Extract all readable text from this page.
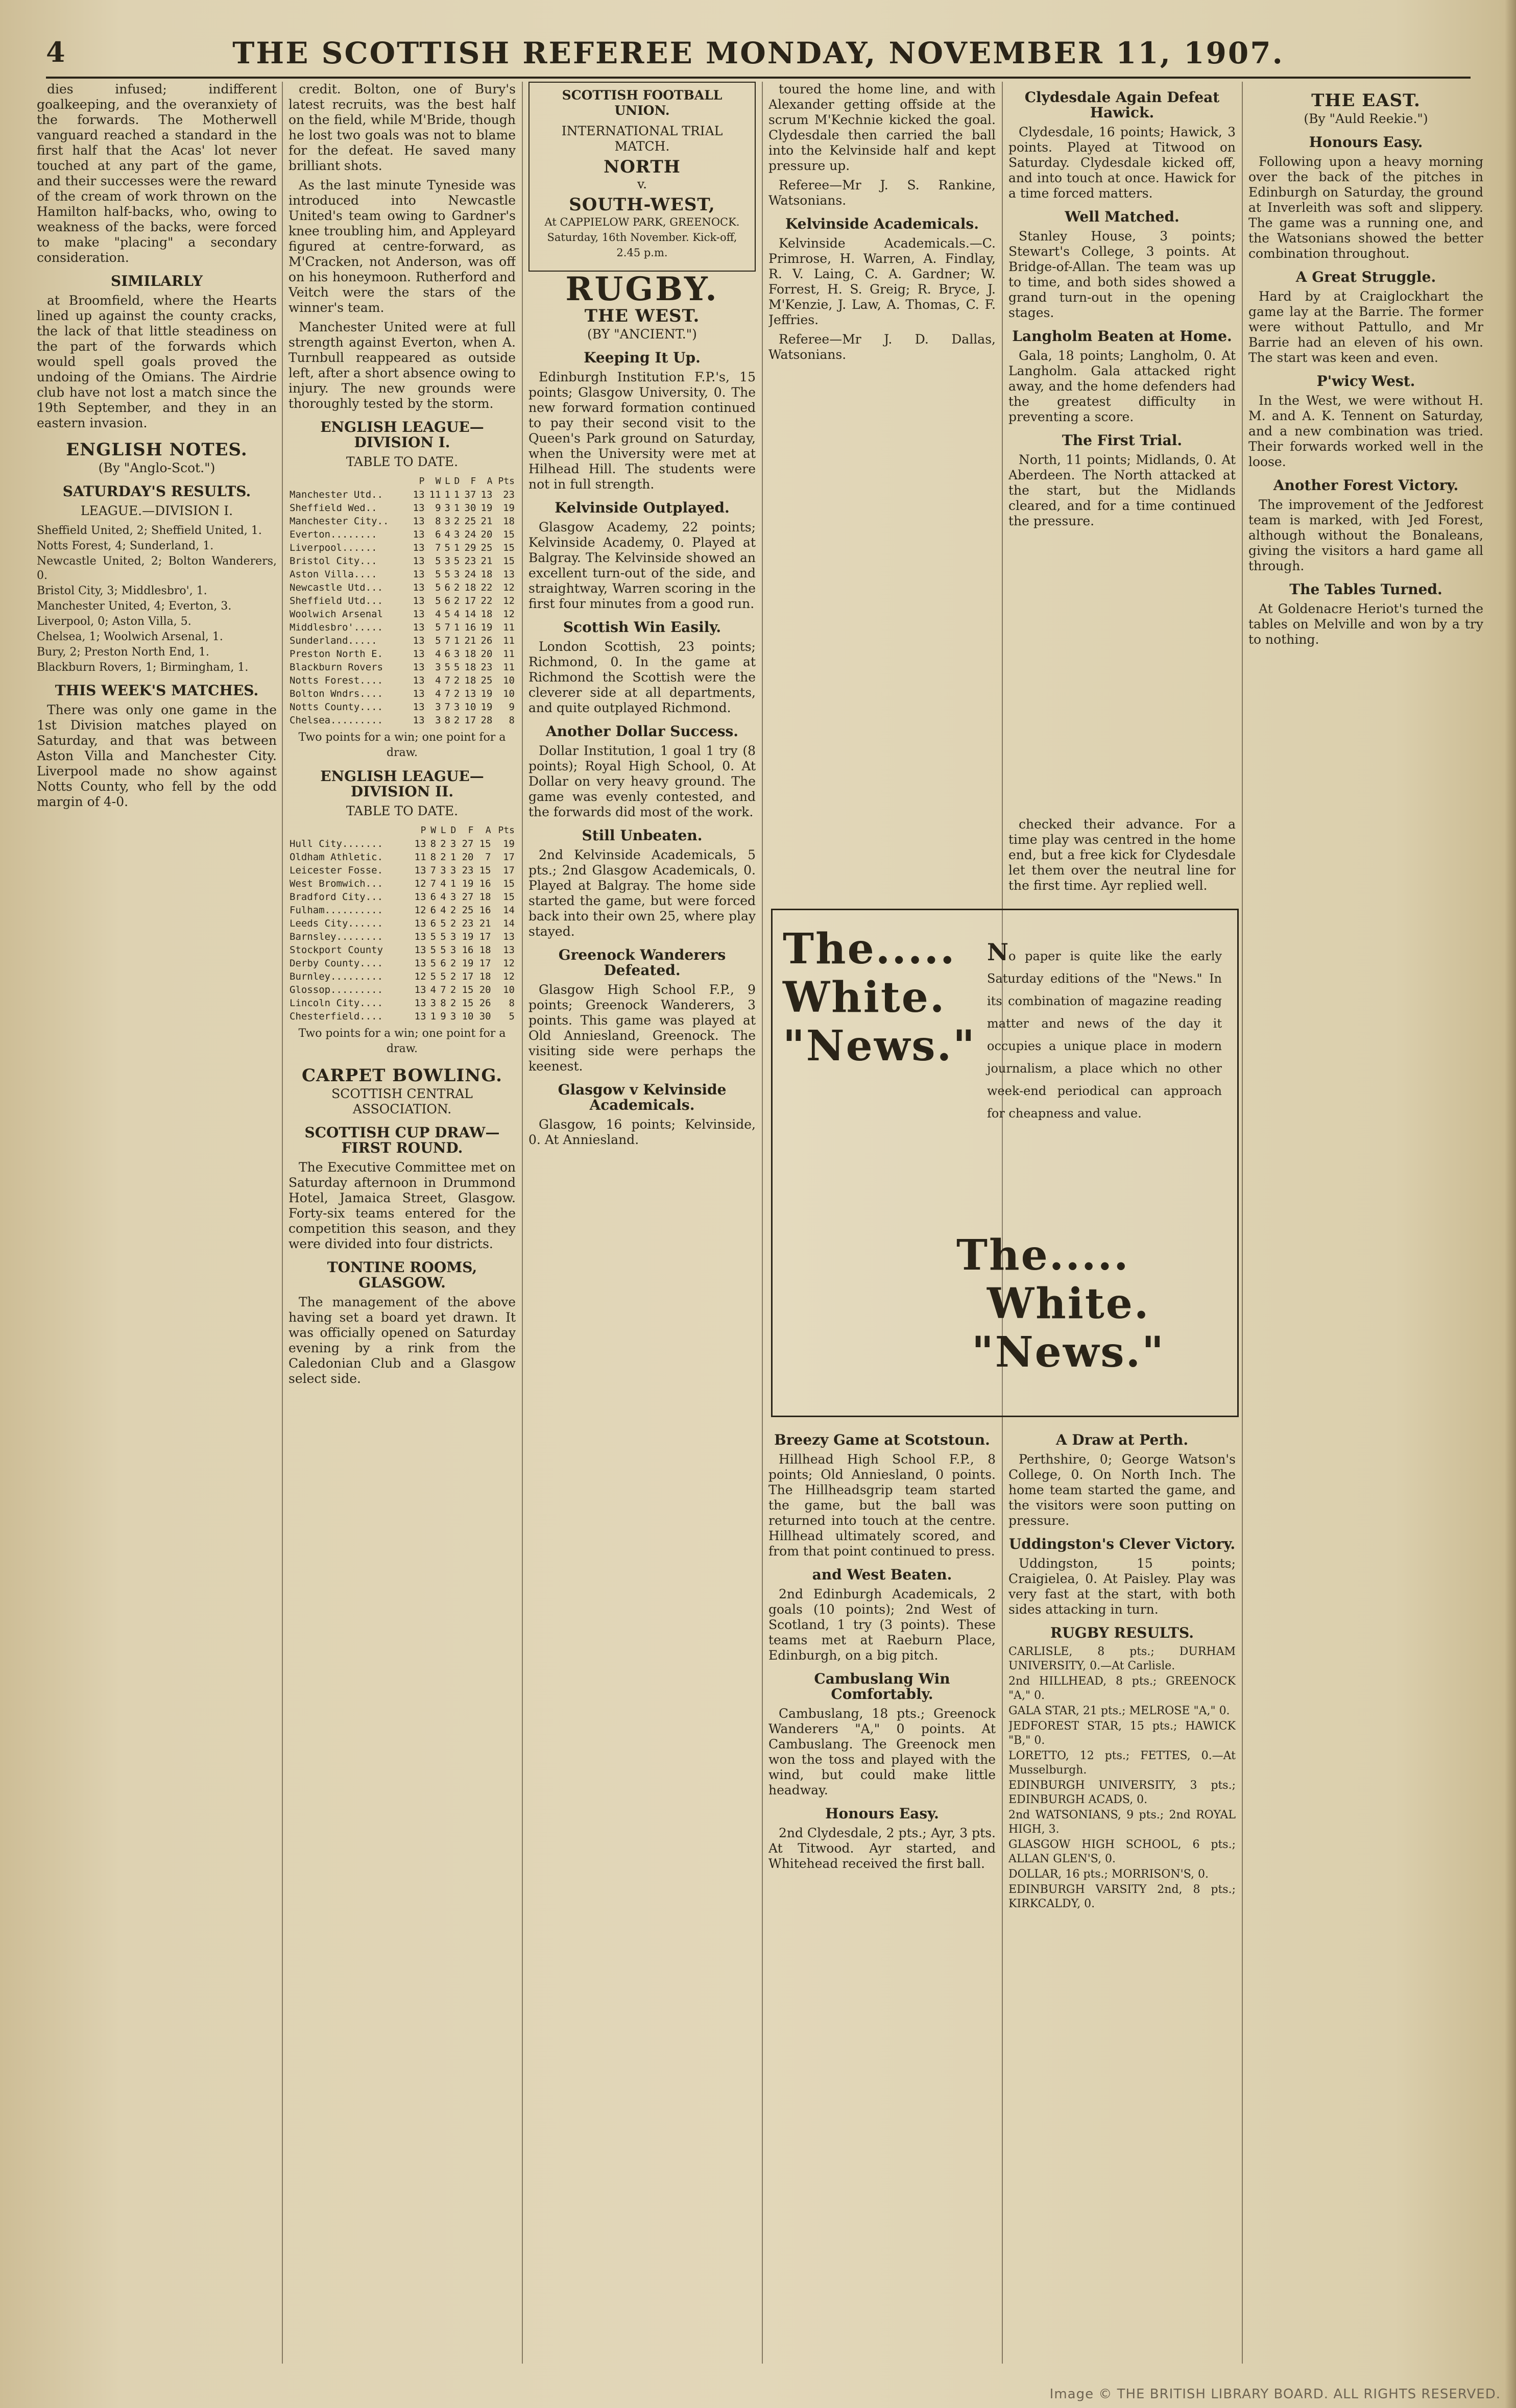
4	THE SCOTTISH REFEREE MONDAY, NOVEMBER 11, 1907.

dies infused; indifferent goalkeeping, and the overanxiety of the forwards. The Motherwell vanguard reached a standard in the first half that the Acas' lot never touched at any part of the game, and their successes were the reward of the cream of work thrown on the Hamilton half-backs, who, owing to weakness of the backs, were forced to make "placing" a secondary consideration.

SIMILARLY

at Broomfield, where the Hearts lined up against the county cracks, the lack of that little steadiness on the part of the forwards which would spell goals proved the undoing of the Omians. The Airdrie club have not lost a match since the 19th September, and they in an eastern invasion.

ENGLISH NOTES.
(By "Anglo-Scot.")
SATURDAY'S RESULTS.
LEAGUE.—DIVISION I.
Sheffield United, 2; Sheffield United, 1.
Notts Forest, 4; Sunderland, 1.
Newcastle United, 2; Bolton Wanderers, 0.
Bristol City, 3; Middlesbro', 1.
Manchester United, 4; Everton, 3.
Liverpool, 0; Aston Villa, 5.
Chelsea, 1; Woolwich Arsenal, 1.
Bury, 2; Preston North End, 1.
Blackburn Rovers, 1; Birmingham, 1.
THIS WEEK'S MATCHES.

There was only one game in the 1st Division matches played on Saturday, and that was between Aston Villa and Manchester City. Liverpool made no show against Notts County, who fell by the odd margin of 4-0.

credit. Bolton, one of Bury's latest recruits, was the best half on the field, while M'Bride, though he lost two goals was not to blame for the defeat. He saved many brilliant shots.

As the last minute Tyneside was introduced into Newcastle United's team owing to Gardner's knee troubling him, and Appleyard figured at centre-forward, as M'Cracken, not Anderson, was off on his honeymoon. Rutherford and Veitch were the stars of the winner's team.

Manchester United were at full strength against Everton, when A. Turnbull reappeared as outside left, after a short absence owing to injury. The new grounds were thoroughly tested by the storm.

ENGLISH LEAGUE—DIVISION I.
TABLE TO DATE.
	P	W	L	D	F	A	Pts
Manchester Utd..	13	11	1	1	37	13	23
Sheffield Wed..	13	9	3	1	30	19	19
Manchester City..	13	8	3	2	25	21	18
Everton........	13	6	4	3	24	20	15
Liverpool......	13	7	5	1	29	25	15
Bristol City...	13	5	3	5	23	21	15
Aston Villa....	13	5	5	3	24	18	13
Newcastle Utd...	13	5	6	2	18	22	12
Sheffield Utd...	13	5	6	2	17	22	12
Woolwich Arsenal	13	4	5	4	14	18	12
Middlesbro'.....	13	5	7	1	16	19	11
Sunderland.....	13	5	7	1	21	26	11
Preston North E.	13	4	6	3	18	20	11
Blackburn Rovers	13	3	5	5	18	23	11
Notts Forest....	13	4	7	2	18	25	10
Bolton Wndrs....	13	4	7	2	13	19	10
Notts County....	13	3	7	3	10	19	9
Chelsea.........	13	3	8	2	17	28	8
Two points for a win; one point for a draw.
ENGLISH LEAGUE—DIVISION II.
TABLE TO DATE.
	P	W	L	D	F	A	Pts
Hull City.......	13	8	2	3	27	15	19
Oldham Athletic.	11	8	2	1	20	7	17
Leicester Fosse.	13	7	3	3	23	15	17
West Bromwich...	12	7	4	1	19	16	15
Bradford City...	13	6	4	3	27	18	15
Fulham..........	12	6	4	2	25	16	14
Leeds City......	13	6	5	2	23	21	14
Barnsley........	13	5	5	3	19	17	13
Stockport County	13	5	5	3	16	18	13
Derby County....	13	5	6	2	19	17	12
Burnley.........	12	5	5	2	17	18	12
Glossop.........	13	4	7	2	15	20	10
Lincoln City....	13	3	8	2	15	26	8
Chesterfield....	13	1	9	3	10	30	5
Two points for a win; one point for a draw.
CARPET BOWLING.
SCOTTISH CENTRAL ASSOCIATION.
SCOTTISH CUP DRAW—FIRST ROUND.

The Executive Committee met on Saturday afternoon in Drummond Hotel, Jamaica Street, Glasgow. Forty-six teams entered for the competition this season, and they were divided into four districts.

TONTINE ROOMS, GLASGOW.

The management of the above having set a board yet drawn. It was officially opened on Saturday evening by a rink from the Caledonian Club and a Glasgow select side.

SCOTTISH FOOTBALL UNION.
INTERNATIONAL TRIAL MATCH.
NORTH
v.
SOUTH-WEST,
At CAPPIELOW PARK, GREENOCK. Saturday, 16th November. Kick-off, 2.45 p.m.
RUGBY.
THE WEST.
(BY "ANCIENT.")
Keeping It Up.

Edinburgh Institution F.P.'s, 15 points; Glasgow University, 0. The new forward formation continued to pay their second visit to the Queen's Park ground on Saturday, when the University were met at Hilhead Hill. The students were not in full strength.

Kelvinside Outplayed.

Glasgow Academy, 22 points; Kelvinside Academy, 0. Played at Balgray. The Kelvinside showed an excellent turn-out of the side, and straightway, Warren scoring in the first four minutes from a good run.

Scottish Win Easily.

London Scottish, 23 points; Richmond, 0. In the game at Richmond the Scottish were the cleverer side at all departments, and quite outplayed Richmond.

Another Dollar Success.

Dollar Institution, 1 goal 1 try (8 points); Royal High School, 0. At Dollar on very heavy ground. The game was evenly contested, and the forwards did most of the work.

Still Unbeaten.

2nd Kelvinside Academicals, 5 pts.; 2nd Glasgow Academicals, 0. Played at Balgray. The home side started the game, but were forced back into their own 25, where play stayed.

Greenock Wanderers Defeated.

Glasgow High School F.P., 9 points; Greenock Wanderers, 3 points. This game was played at Old Anniesland, Greenock. The visiting side were perhaps the keenest.

Glasgow v Kelvinside Academicals.

Glasgow, 16 points; Kelvinside, 0. At Anniesland.

toured the home line, and with Alexander getting offside at the scrum M'Kechnie kicked the goal. Clydesdale then carried the ball into the Kelvinside half and kept pressure up.

Referee—Mr J. S. Rankine, Watsonians.

Kelvinside Academicals.

Kelvinside Academicals.—C. Primrose, H. Warren, A. Findlay, R. V. Laing, C. A. Gardner; W. Forrest, H. S. Greig; R. Bryce, J. M'Kenzie, J. Law, A. Thomas, C. F. Jeffries.

Referee—Mr J. D. Dallas, Watsonians.

Breezy Game at Scotstoun.

Hillhead High School F.P., 8 points; Old Anniesland, 0 points. The Hillheadsgrip team started the game, but the ball was returned into touch at the centre. Hillhead ultimately scored, and from that point continued to press.

and West Beaten.

2nd Edinburgh Academicals, 2 goals (10 points); 2nd West of Scotland, 1 try (3 points). These teams met at Raeburn Place, Edinburgh, on a big pitch.

Cambuslang Win Comfortably.

Cambuslang, 18 pts.; Greenock Wanderers "A," 0 points. At Cambuslang. The Greenock men won the toss and played with the wind, but could make little headway.

Honours Easy.

2nd Clydesdale, 2 pts.; Ayr, 3 pts. At Titwood. Ayr started, and Whitehead received the first ball.

checked their advance. For a time play was centred in the home end, but a free kick for Clydesdale let them over the neutral line for the first time. Ayr replied well.

Clydesdale Again Defeat Hawick.

Clydesdale, 16 points; Hawick, 3 points. Played at Titwood on Saturday. Clydesdale kicked off, and into touch at once. Hawick for a time forced matters.

Well Matched.

Stanley House, 3 points; Stewart's College, 3 points. At Bridge-of-Allan. The team was up to time, and both sides showed a grand turn-out in the opening stages.

Langholm Beaten at Home.

Gala, 18 points; Langholm, 0. At Langholm. Gala attacked right away, and the home defenders had the greatest difficulty in preventing a score.

The First Trial.

North, 11 points; Midlands, 0. At Aberdeen. The North attacked at the start, but the Midlands cleared, and for a time continued the pressure.

A Draw at Perth.

Perthshire, 0; George Watson's College, 0. On North Inch. The home team started the game, and the visitors were soon putting on pressure.

Uddingston's Clever Victory.

Uddingston, 15 points; Craigielea, 0. At Paisley. Play was very fast at the start, with both sides attacking in turn.

RUGBY RESULTS.
CARLISLE, 8 pts.; DURHAM UNIVERSITY, 0.—At Carlisle.
2nd HILLHEAD, 8 pts.; GREENOCK "A," 0.
GALA STAR, 21 pts.; MELROSE "A," 0.
JEDFOREST STAR, 15 pts.; HAWICK "B," 0.
LORETTO, 12 pts.; FETTES, 0.—At Musselburgh.
EDINBURGH UNIVERSITY, 3 pts.; EDINBURGH ACADS, 0.
2nd WATSONIANS, 9 pts.; 2nd ROYAL HIGH, 3.
GLASGOW HIGH SCHOOL, 6 pts.; ALLAN GLEN'S, 0.
DOLLAR, 16 pts.; MORRISON'S, 0.
EDINBURGH VARSITY 2nd, 8 pts.; KIRKCALDY, 0.
THE EAST.
(By "Auld Reekie.")
Honours Easy.

Following upon a heavy morning over the back of the pitches in Edinburgh on Saturday, the ground at Inverleith was soft and slippery. The game was a running one, and the Watsonians showed the better combination throughout.

A Great Struggle.

Hard by at Craiglockhart the game lay at the Barrie. The former were without Pattullo, and Mr Barrie had an eleven of his own. The start was keen and even.

P'wicy West.

In the West, we were without H. M. and A. K. Tennent on Saturday, and a new combination was tried. Their forwards worked well in the loose.

Another Forest Victory.

The improvement of the Jedforest team is marked, with Jed Forest, although without the Bonaleans, giving the visitors a hard game all through.

The Tables Turned.

At Goldenacre Heriot's turned the tables on Melville and won by a try to nothing.

The.....
White.
"News."
No paper is quite like the early Saturday editions of the "News." In its combination of magazine reading matter and news of the day it occupies a unique place in modern journalism, a place which no other week-end periodical can approach for cheapness and value.
The.....
White.
"News."
Image © THE BRITISH LIBRARY BOARD. ALL RIGHTS RESERVED.
